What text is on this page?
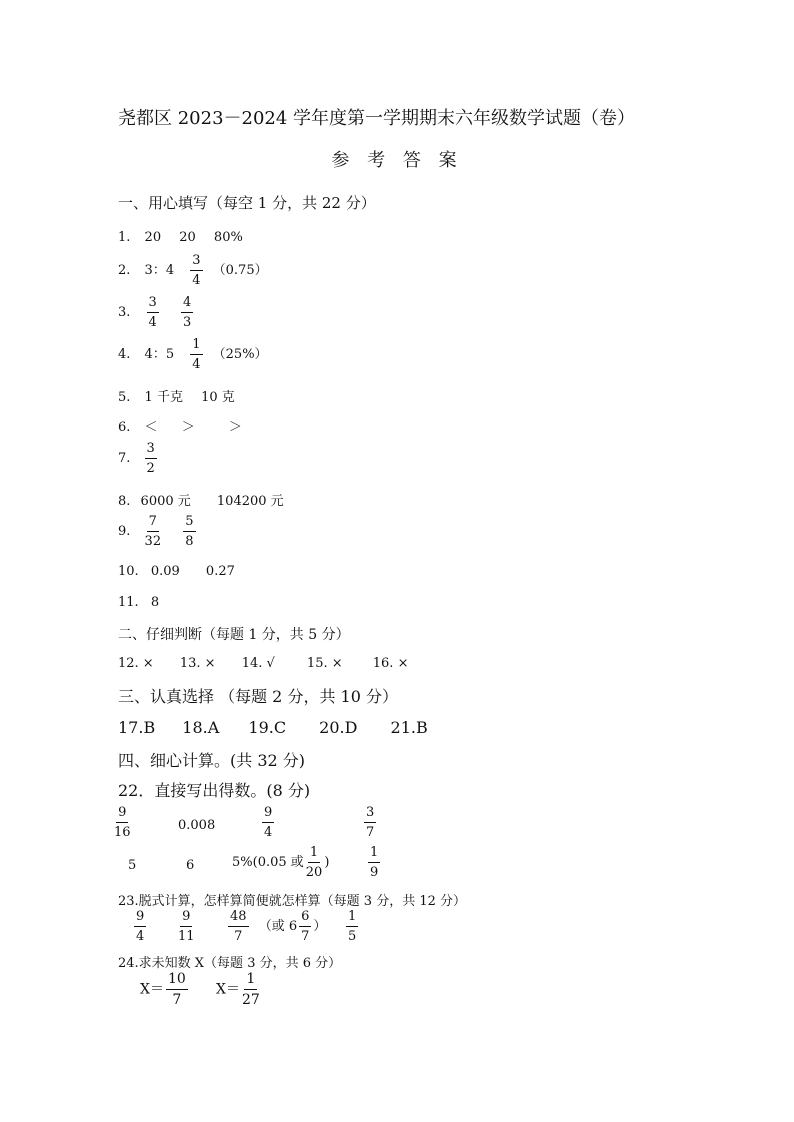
尧都区 2023－2024 学年度第一学期期末六年级数学试题（卷）
参 考 答 案
一、用心填写（每空 1 分，共 22 分）
1. 20 20 80%
2. 3：$4 \frac{3}{4} (0.75)$
3. $\frac{3}{4}$
$\frac{4}{3}$
4. 4：$5 \frac{1}{4} (25\%)$
5. 1 千克 10 克
6. ＜ ＞	＞
7. $\frac{3}{2}$
8. 6000 元 104200 元
9. $\frac{7}{32}$
$\frac{5}{8}$
10. 0.09 0.27
11. 8
二、仔细判断（每题 1 分，共 5 分）
12. × 13. × 14. √ 15. × 16. ×
三、认真选择 （每题 2 分，共 10 分）
17.B 18.A 19.C 20.D 21.B
四、细心计算。(共 32 分)
22．直接写出得数。(8 分)
$\frac{9}{16}$	0.008	$\frac{9}{4}$	$\frac{3}{7}$
5	6	5%(0.05 或 $\frac{1}{20}$ )	$\frac{1}{9}$
23.脱式计算，怎样算简便就怎样算（每题 3 分，共 12 分）
$\frac{9}{4} \frac{9}{11}$	$\frac{48}{7}$ （或 $6 \frac{6}{7}$ ） $\frac{1}{5}$
24.求未知数 X（每题 3 分，共 6 分）
$X= \frac{10}{7} X= \frac{1}{27}$
